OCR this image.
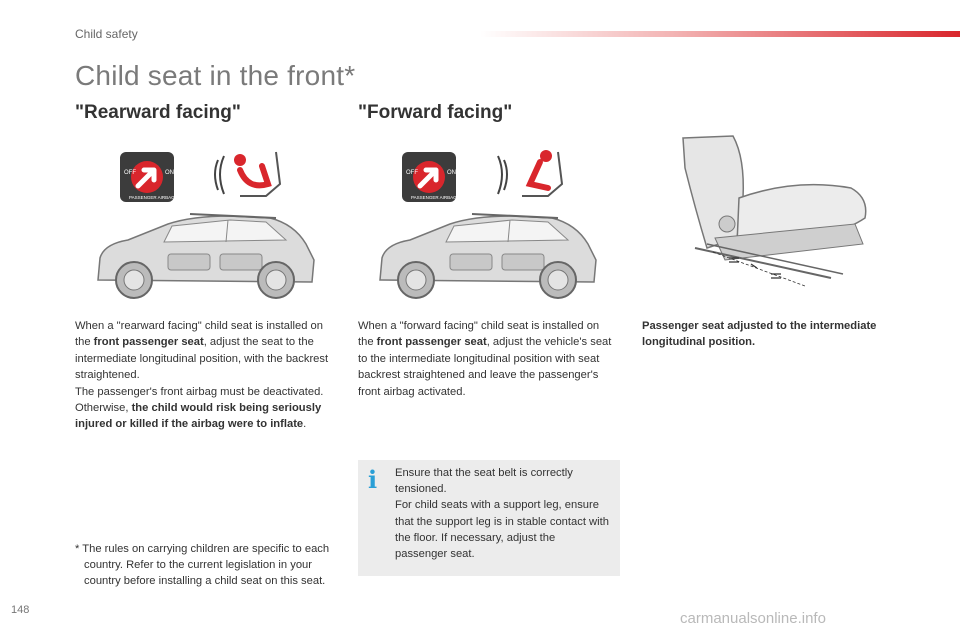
Child safety
Child seat in the front*
"Rearward facing"	"Forward facing"
OFF	ON
PASSENGER AIRBAG
OFF	ON
PASSENGER AIRBAG

When a "rearward facing" child seat is installed on the front passenger seat, adjust the seat to the intermediate longitudinal position, with the backrest straightened.
The passenger's front airbag must be deactivated. Otherwise, the child would risk being seriously injured or killed if the airbag were to inflate.

When a "forward facing" child seat is installed on the front passenger seat, adjust the vehicle's seat to the intermediate longitudinal position with seat backrest straightened and leave the passenger's front airbag activated.

Passenger seat adjusted to the intermediate longitudinal position.

i Ensure that the seat belt is correctly tensioned.
For child seats with a support leg, ensure that the support leg is in stable contact with the floor. If necessary, adjust the passenger seat.

* The rules on carrying children are specific to each country. Refer to the current legislation in your country before installing a child seat on this seat.

148	carmanualsonline.info
